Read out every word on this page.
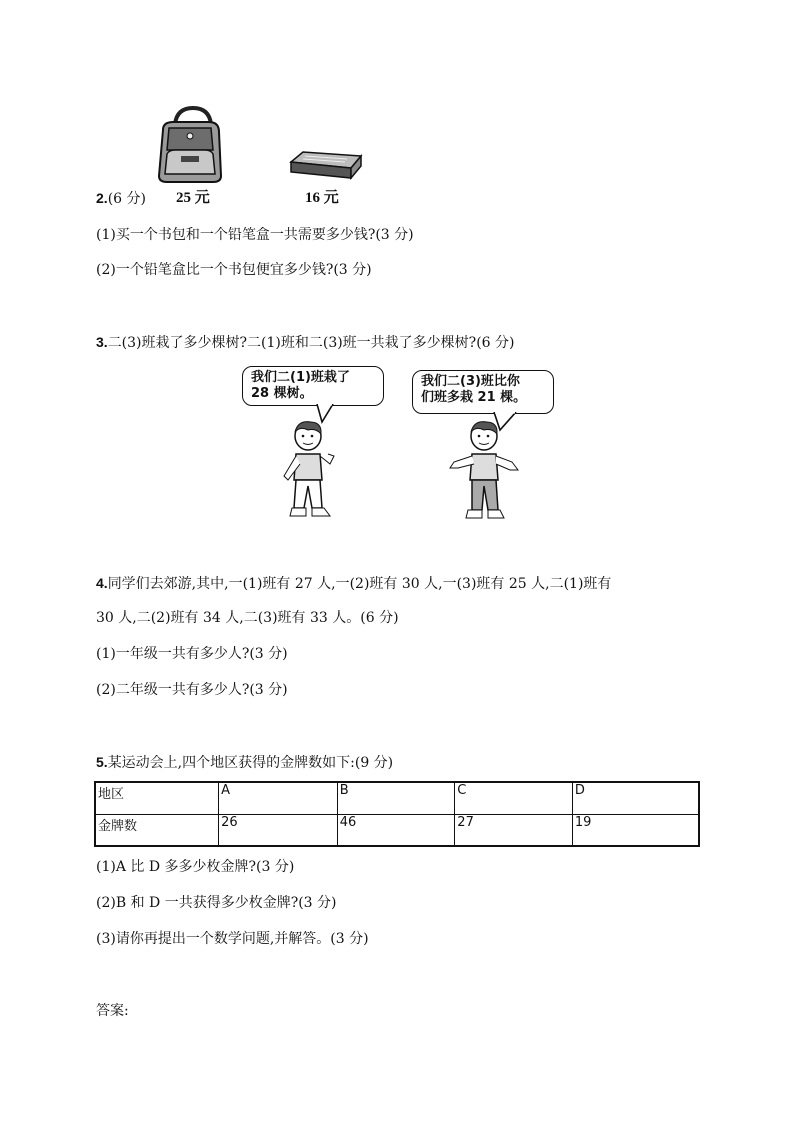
25 元	16 元
2.(6 分)
(1)买一个书包和一个铅笔盒一共需要多少钱?(3 分)
(2)一个铅笔盒比一个书包便宜多少钱?(3 分)
3.二(3)班栽了多少棵树?二(1)班和二(3)班一共栽了多少棵树?(6 分)
我们二(1)班栽了
28 棵树。
我们二(3)班比你
们班多栽 21 棵。
4.同学们去郊游,其中,一(1)班有 27 人,一(2)班有 30 人,一(3)班有 25 人,二(1)班有
30 人,二(2)班有 34 人,二(3)班有 33 人。(6 分)
(1)一年级一共有多少人?(3 分)
(2)二年级一共有多少人?(3 分)
5.某运动会上,四个地区获得的金牌数如下:(9 分)
地区	A	B	C	D
金牌数	26	46	27	19
(1)A 比 D 多多少枚金牌?(3 分)
(2)B 和 D 一共获得多少枚金牌?(3 分)
(3)请你再提出一个数学问题,并解答。(3 分)
答案:
